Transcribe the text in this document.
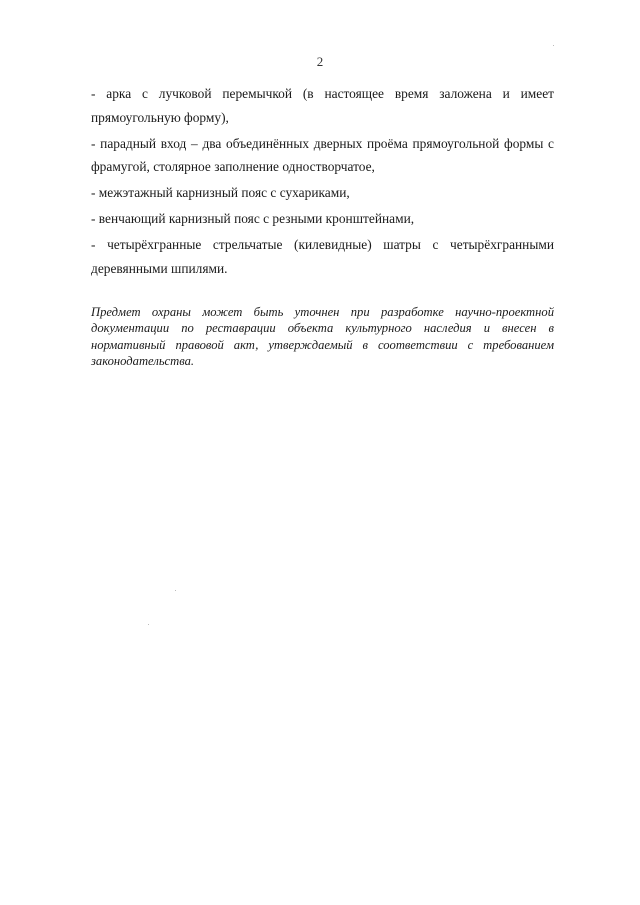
2

- арка с лучковой перемычкой (в настоящее время заложена и имеет прямоугольную форму),

- парадный вход – два объединённых дверных проёма прямоугольной формы с фрамугой, столярное заполнение одностворчатое,

- межэтажный карнизный пояс с сухариками,

- венчающий карнизный пояс с резными кронштейнами,

- четырёхгранные стрельчатые (килевидные) шатры с четырёхгранными деревянными шпилями.

Предмет охраны может быть уточнен при разработке научно-проектной документации по реставрации объекта культурного наследия и внесен в нормативный правовой акт, утверждаемый в соответствии с требованием законодательства.
